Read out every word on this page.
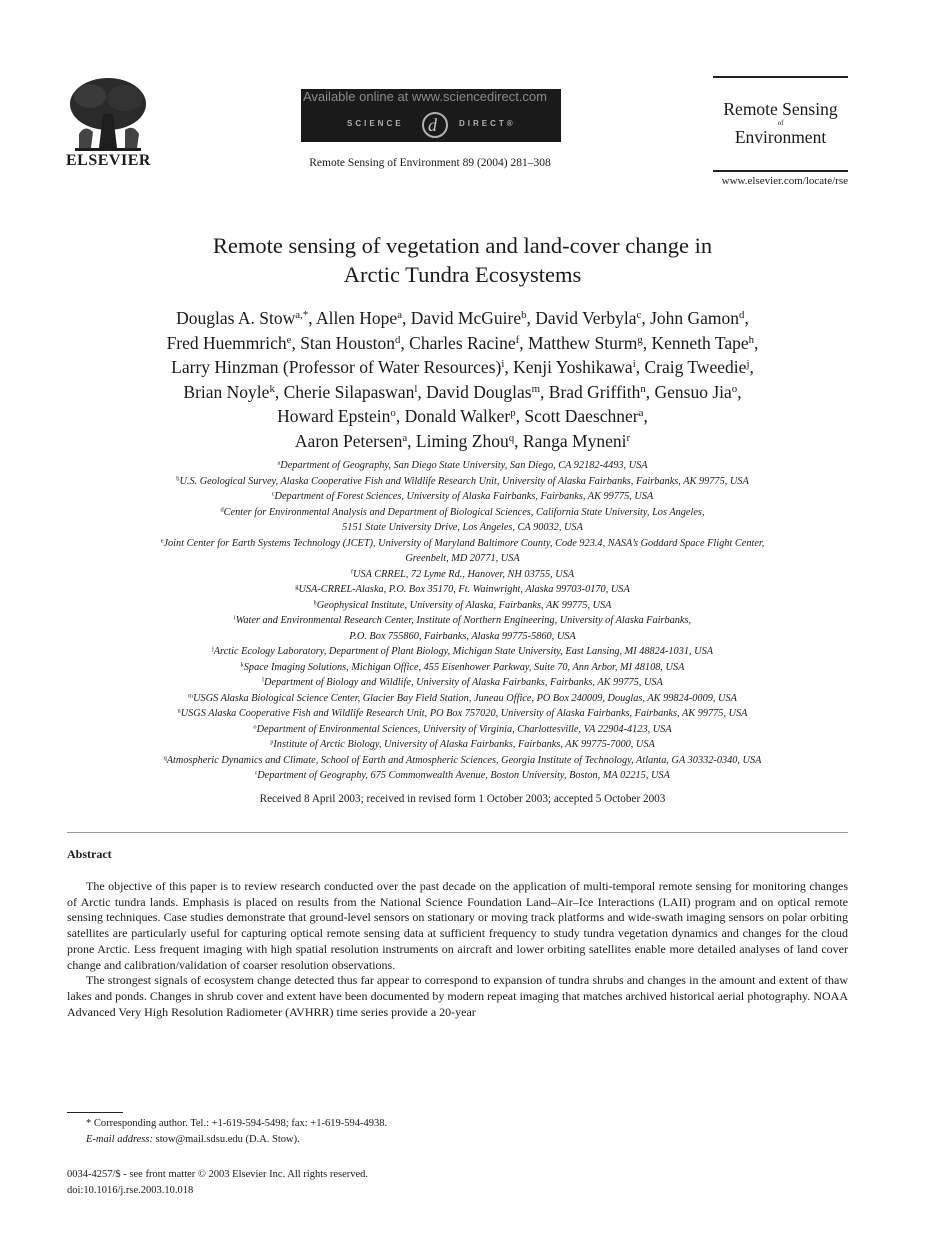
ELSEVIER
Available online at www.sciencedirect.com
SCIENCE d	DIRECT®
Remote Sensing of Environment 89 (2004) 281–308
Remote Sensing
of
Environment
www.elsevier.com/locate/rse
Remote sensing of vegetation and land-cover change in
Arctic Tundra Ecosystems
Douglas A. Stow$^{a,*}$, Allen Hope$^a$, David McGuire$^b$, David Verbyla$^c$, John Gamon$^d$,
Fred Huemmrich$^e$, Stan Houston$^d$, Charles Racine$^f$, Matthew Sturm$^g$, Kenneth Tape$^h$,
Larry Hinzman (Professor of Water Resources)$^i$, Kenji Yoshikawa$^i$, Craig Tweedie$^j$,
Brian Noyle$^k$, Cherie Silapaswan$^l$, David Douglas$^m$, Brad Griffith$^n$, Gensuo Jia$^o$,
Howard Epstein$^o$, Donald Walker$^p$, Scott Daeschner$^a$,
Aaron Petersen$^a$, Liming Zhou$^q$, Ranga Myneni$^r$
$^a$Department of Geography, San Diego State University, San Diego, CA 92182-4493, USA
$^b$U.S. Geological Survey, Alaska Cooperative Fish and Wildlife Research Unit, University of Alaska Fairbanks, Fairbanks, AK 99775, USA
$^c$Department of Forest Sciences, University of Alaska Fairbanks, Fairbanks, AK 99775, USA
$^d$Center for Environmental Analysis and Department of Biological Sciences, California State University, Los Angeles,
5151 State University Drive, Los Angeles, CA 90032, USA
$^e$Joint Center for Earth Systems Technology (JCET), University of Maryland Baltimore County, Code 923.4, NASA’s Goddard Space Flight Center,
Greenbelt, MD 20771, USA
$^f$USA CRREL, 72 Lyme Rd., Hanover, NH 03755, USA
$^g$USA-CRREL-Alaska, P.O. Box 35170, Ft. Wainwright, Alaska 99703-0170, USA
$^h$Geophysical Institute, University of Alaska, Fairbanks, AK 99775, USA
$^i$Water and Environmental Research Center, Institute of Northern Engineering, University of Alaska Fairbanks,
P.O. Box 755860, Fairbanks, Alaska 99775-5860, USA
$^j$Arctic Ecology Laboratory, Department of Plant Biology, Michigan State University, East Lansing, MI 48824-1031, USA
$^k$Space Imaging Solutions, Michigan Office, 455 Eisenhower Parkway, Suite 70, Ann Arbor, MI 48108, USA
$^l$Department of Biology and Wildlife, University of Alaska Fairbanks, Fairbanks, AK 99775, USA
$^m$USGS Alaska Biological Science Center, Glacier Bay Field Station, Juneau Office, PO Box 240009, Douglas, AK 99824-0009, USA
$^n$USGS Alaska Cooperative Fish and Wildlife Research Unit, PO Box 757020, University of Alaska Fairbanks, Fairbanks, AK 99775, USA
$^o$Department of Environmental Sciences, University of Virginia, Charlottesville, VA 22904-4123, USA
$^p$Institute of Arctic Biology, University of Alaska Fairbanks, Fairbanks, AK 99775-7000, USA
$^q$Atmospheric Dynamics and Climate, School of Earth and Atmospheric Sciences, Georgia Institute of Technology, Atlanta, GA 30332-0340, USA
$^r$Department of Geography, 675 Commonwealth Avenue, Boston University, Boston, MA 02215, USA
Received 8 April 2003; received in revised form 1 October 2003; accepted 5 October 2003
Abstract

The objective of this paper is to review research conducted over the past decade on the application of multi-temporal remote sensing for monitoring changes of Arctic tundra lands. Emphasis is placed on results from the National Science Foundation Land–Air–Ice Interactions (LAII) program and on optical remote sensing techniques. Case studies demonstrate that ground-level sensors on stationary or moving track platforms and wide-swath imaging sensors on polar orbiting satellites are particularly useful for capturing optical remote sensing data at sufficient frequency to study tundra vegetation dynamics and changes for the cloud prone Arctic. Less frequent imaging with high spatial resolution instruments on aircraft and lower orbiting satellites enable more detailed analyses of land cover change and calibration/validation of coarser resolution observations.

The strongest signals of ecosystem change detected thus far appear to correspond to expansion of tundra shrubs and changes in the amount and extent of thaw lakes and ponds. Changes in shrub cover and extent have been documented by modern repeat imaging that matches archived historical aerial photography. NOAA Advanced Very High Resolution Radiometer (AVHRR) time series provide a 20-year

* Corresponding author. Tel.: +1-619-594-5498; fax: +1-619-594-4938.
E-mail address: stow@mail.sdsu.edu (D.A. Stow).
0034-4257/$ - see front matter © 2003 Elsevier Inc. All rights reserved.
doi:10.1016/j.rse.2003.10.018
